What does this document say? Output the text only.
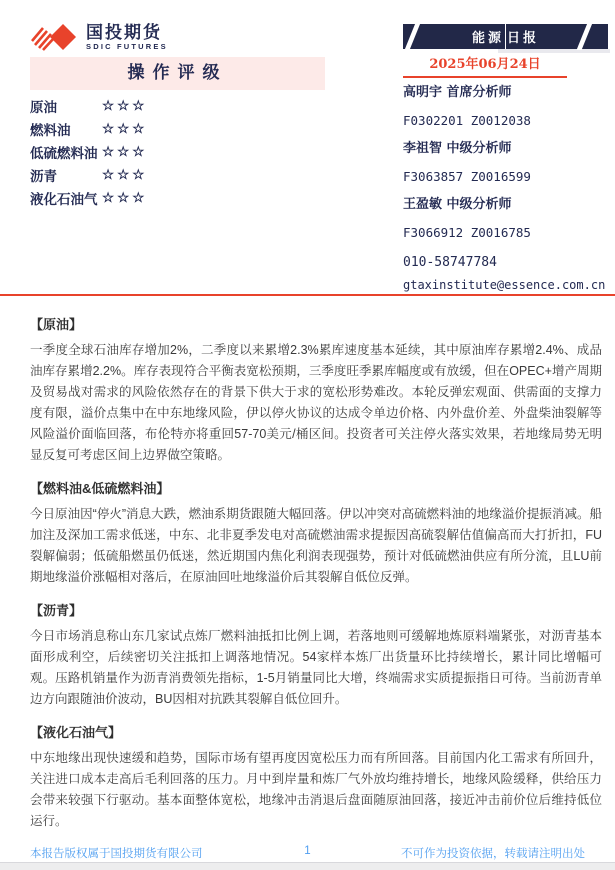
国投期货
SDIC FUTURES	能源 日报
2025年06月24日
操作评级
原油	☆☆☆
燃料油	☆☆☆
低硫燃料油 ☆☆☆
沥青	☆☆☆
液化石油气 ☆☆☆
高明宇 首席分析师
F0302201 Z0012038
李祖智 中级分析师
F3063857 Z0016599
王盈敏 中级分析师
F3066912 Z0016785
010-58747784
gtaxinstitute@essence.com.cn
【原油】
一季度全球石油库存增加2%，二季度以来累增2.3%累库速度基本延续，其中原油库存累增2.4%、成品油库存累增2.2%。库存表现符合平衡表宽松预期，三季度旺季累库幅度或有放缓，但在OPEC+增产周期及贸易战对需求的风险依然存在的背景下供大于求的宽松形势难改。本轮反弹宏观面、供需面的支撑力度有限，溢价点集中在中东地缘风险，伊以停火协议的达成令单边价格、内外盘价差、外盘柴油裂解等风险溢价面临回落，布伦特亦将重回57-70美元/桶区间。投资者可关注停火落实效果，若地缘局势无明显反复可考虑区间上边界做空策略。
【燃料油&低硫燃料油】
今日原油因“停火”消息大跌，燃油系期货跟随大幅回落。伊以冲突对高硫燃料油的地缘溢价提振消减。船加注及深加工需求低迷，中东、北非夏季发电对高硫燃油需求提振因高硫裂解估值偏高而大打折扣，FU裂解偏弱；低硫船燃虽仍低迷，然近期国内焦化利润表现强势，预计对低硫燃油供应有所分流，且LU前期地缘溢价涨幅相对落后，在原油回吐地缘溢价后其裂解自低位反弹。
【沥青】
今日市场消息称山东几家试点炼厂燃料油抵扣比例上调，若落地则可缓解地炼原料端紧张，对沥青基本面形成利空，后续密切关注抵扣上调落地情况。54家样本炼厂出货量环比持续增长，累计同比增幅可观。压路机销量作为沥青消费领先指标，1-5月销量同比大增，终端需求实质提振指日可待。当前沥青单边方向跟随油价波动，BU因相对抗跌其裂解自低位回升。
【液化石油气】
中东地缘出现快速缓和趋势，国际市场有望再度因宽松压力而有所回落。目前国内化工需求有所回升，关注进口成本走高后毛利回落的压力。月中到岸量和炼厂气外放均维持增长，地缘风险缓释，供给压力会带来较强下行驱动。基本面整体宽松，地缘冲击消退后盘面随原油回落，接近冲击前价位后维持低位运行。
本报告版权属于国投期货有限公司	1	不可作为投资依据，转载请注明出处
